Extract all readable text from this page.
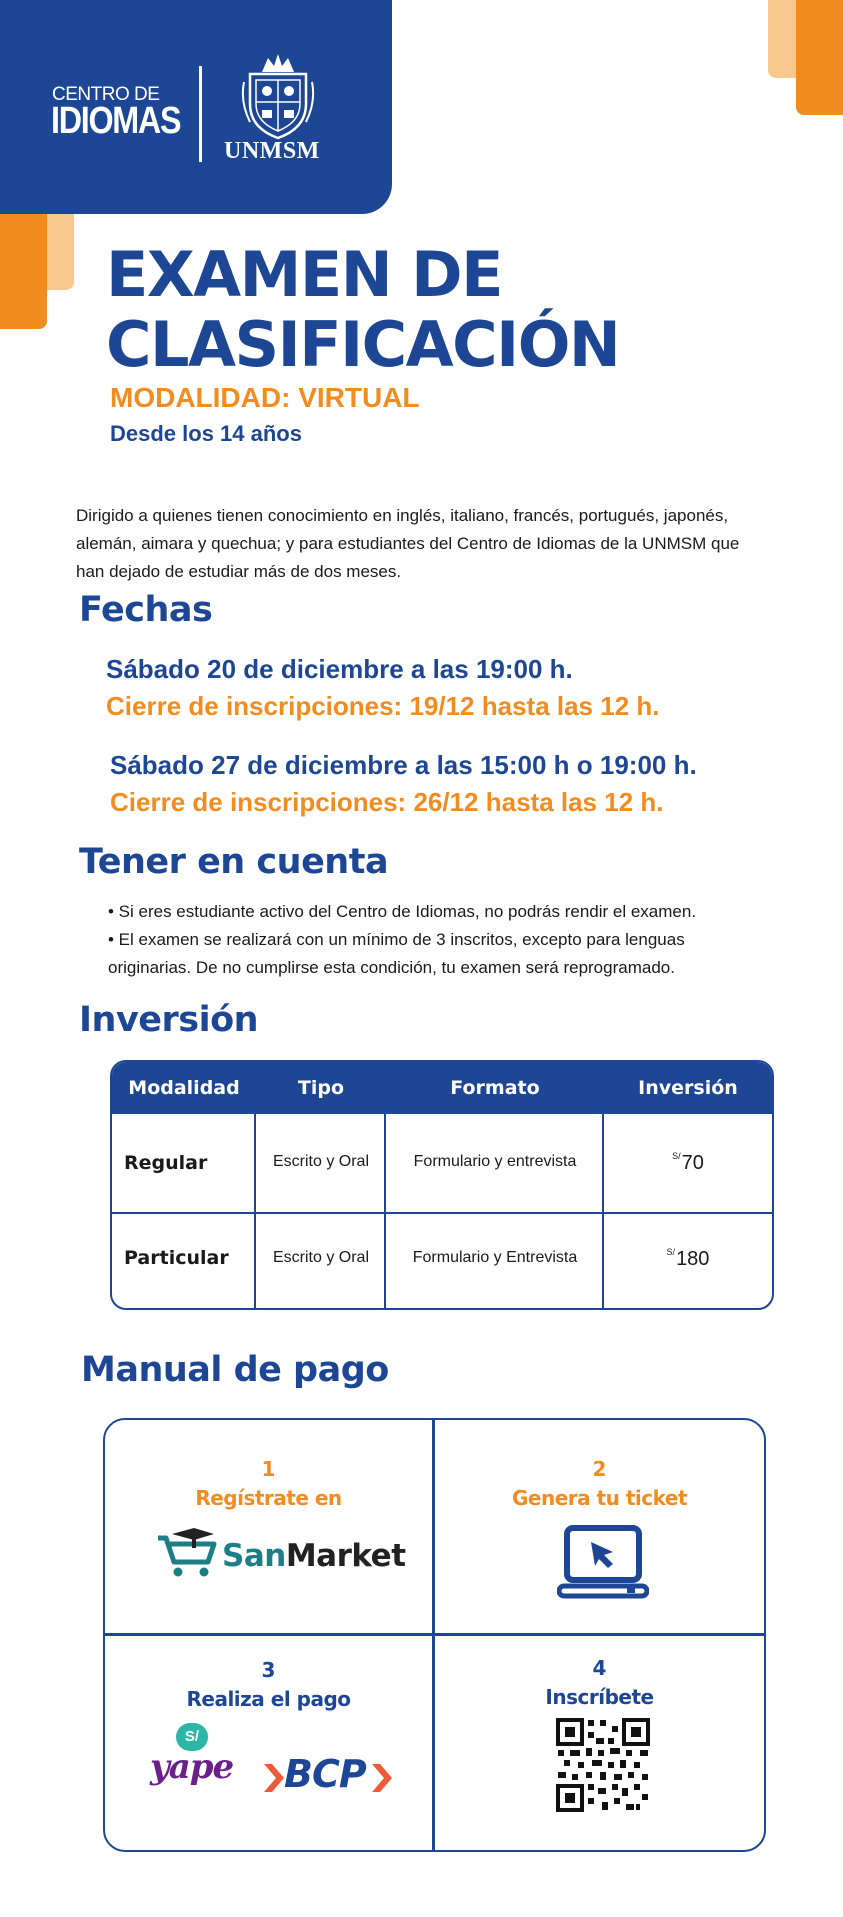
CENTRO DE
IDIOMAS
UNMSM
EXAMEN DE
CLASIFICACIÓN
MODALIDAD: VIRTUAL
Desde los 14 años
Dirigido a quienes tienen conocimiento en inglés, italiano, francés, portugués, japonés,
alemán, aimara y quechua; y para estudiantes del Centro de Idiomas de la UNMSM que
han dejado de estudiar más de dos meses.
Fechas
Sábado 20 de diciembre a las 19:00 h.
Cierre de inscripciones: 19/12 hasta las 12 h.
Sábado 27 de diciembre a las 15:00 h o 19:00 h.
Cierre de inscripciones: 26/12 hasta las 12 h.
Tener en cuenta
• Si eres estudiante activo del Centro de Idiomas, no podrás rendir el examen.
• El examen se realizará con un mínimo de 3 inscritos, excepto para lenguas
originarias. De no cumplirse esta condición, tu examen será reprogramado.
Inversión
Modalidad	Tipo	Formato	Inversión
Regular	Escrito y Oral	Formulario y entrevista	$^{S/}$70
Particular	Escrito y Oral	Formulario y Entrevista	$^{S/}$180
Manual de pago
1
Regístrate en
SanMarket
2
Genera tu ticket
3
Realiza el pago
S/
yape BCP
4
Inscríbete
